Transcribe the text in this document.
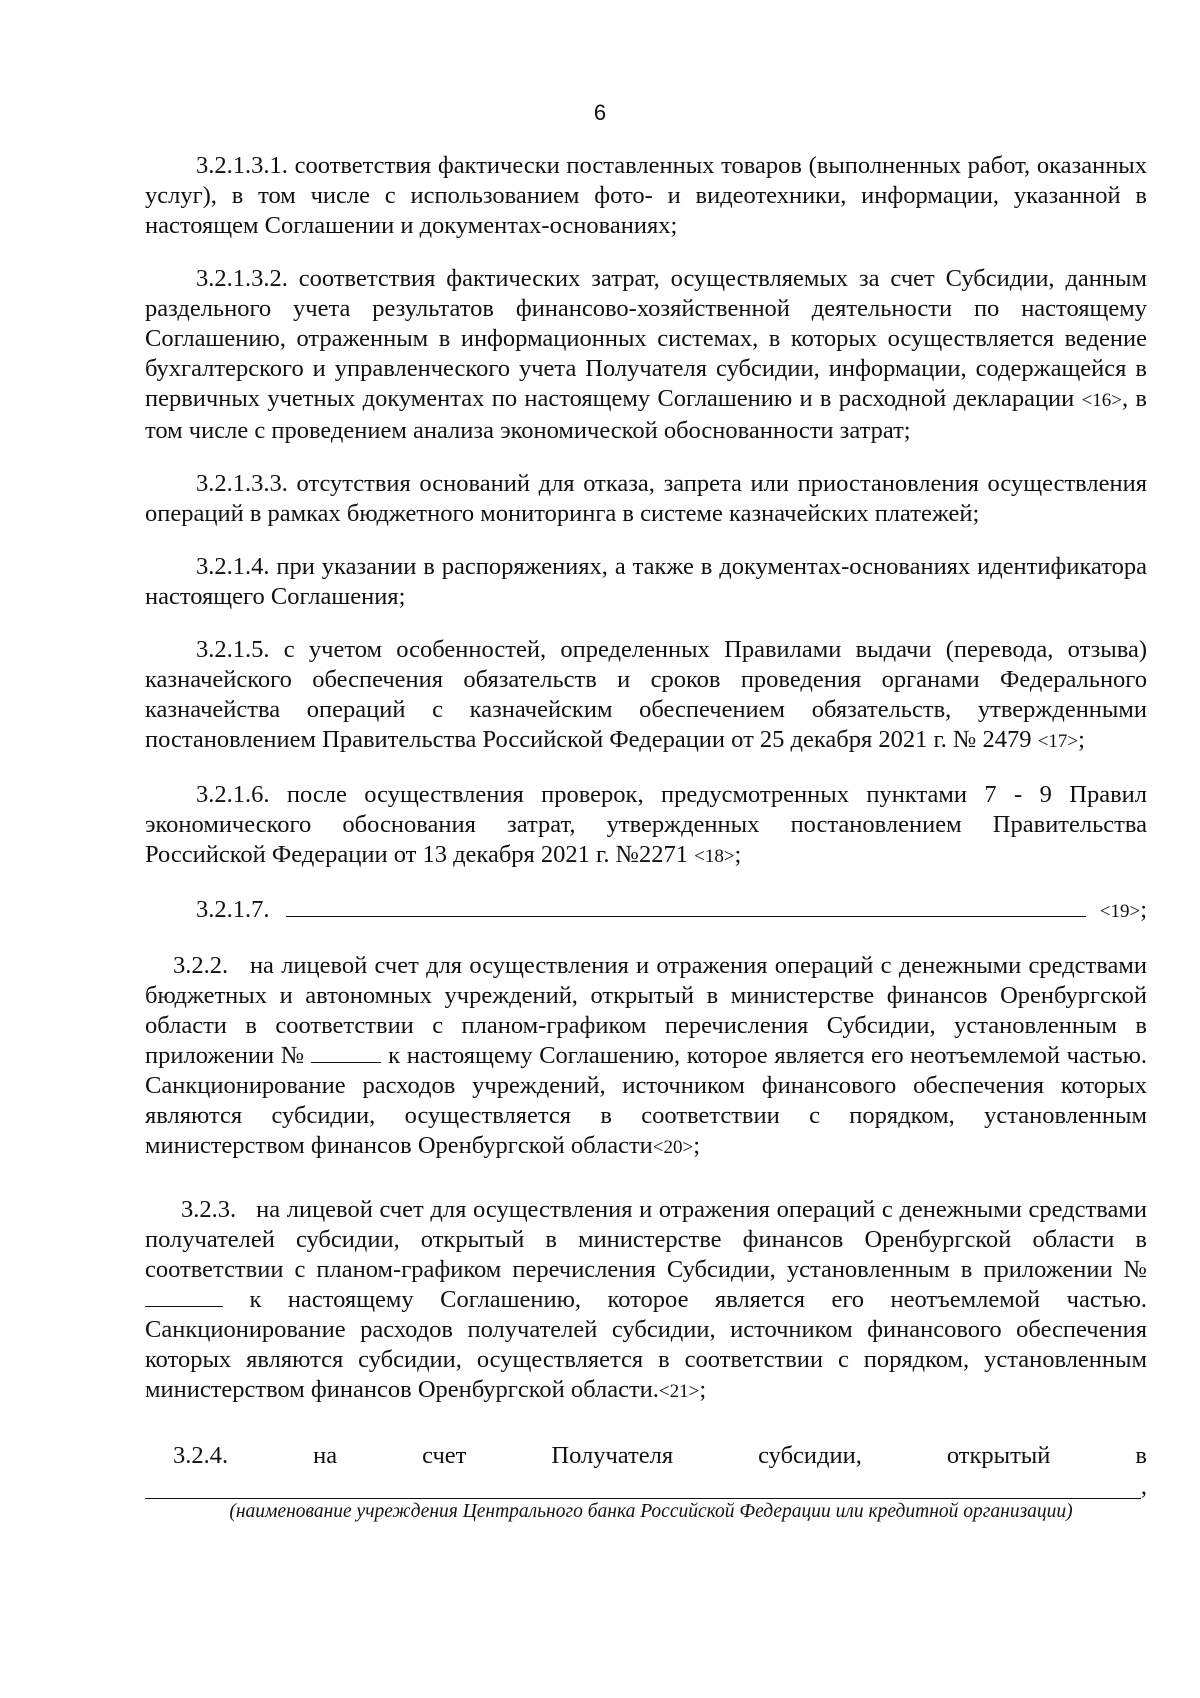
6

3.2.1.3.1. соответствия фактически поставленных товаров (выполненных работ, оказанных услуг), в том числе с использованием фото- и видеотехники, информации, указанной в настоящем Соглашении и документах-основаниях;

3.2.1.3.2. соответствия фактических затрат, осуществляемых за счет Субсидии, данным раздельного учета результатов финансово-хозяйственной деятельности по настоящему Соглашению, отраженным в информационных системах, в которых осуществляется ведение бухгалтерского и управленческого учета Получателя субсидии, информации, содержащейся в первичных учетных документах по настоящему Соглашению и в расходной декларации <16>, в том числе с проведением анализа экономической обоснованности затрат;

3.2.1.3.3. отсутствия оснований для отказа, запрета или приостановления осуществления операций в рамках бюджетного мониторинга в системе казначейских платежей;

3.2.1.4. при указании в распоряжениях, а также в документах-основаниях идентификатора настоящего Соглашения;

3.2.1.5. с учетом особенностей, определенных Правилами выдачи (перевода, отзыва) казначейского обеспечения обязательств и сроков проведения органами Федерального казначейства операций с казначейским обеспечением обязательств, утвержденными постановлением Правительства Российской Федерации от 25 декабря 2021 г. № 2479 <17>;

3.2.1.6. после осуществления проверок, предусмотренных пунктами 7 - 9 Правил экономического обоснования затрат, утвержденных постановлением Правительства Российской Федерации от 13 декабря 2021 г. №2271 <18>;

3.2.1.7.	<19> ;

3.2.2. на лицевой счет для осуществления и отражения операций с денежными средствами бюджетных и автономных учреждений, открытый в министерстве финансов Оренбургской области в соответствии с планом-графиком перечисления Субсидии, установленным в приложении №	к настоящему Соглашению, которое является его неотъемлемой частью. Санкционирование расходов учреждений, источником финансового обеспечения которых являются субсидии, осуществляется в соответствии с порядком, установленным министерством финансов Оренбургской области<20>;

3.2.3. на лицевой счет для осуществления и отражения операций с денежными средствами получателей субсидии, открытый в министерстве финансов Оренбургской области в соответствии с планом-графиком перечисления Субсидии, установленным в приложении №  к настоящему Соглашению, которое является его неотъемлемой частью. Санкционирование расходов получателей субсидии, источником финансового обеспечения которых являются субсидии, осуществляется в соответствии с порядком, установленным министерством финансов Оренбургской области.<21>;

3.2.4.	на	счет	Получателя	субсидии,	открытый	в
,
(наименование учреждения Центрального банка Российской Федерации или кредитной организации)
